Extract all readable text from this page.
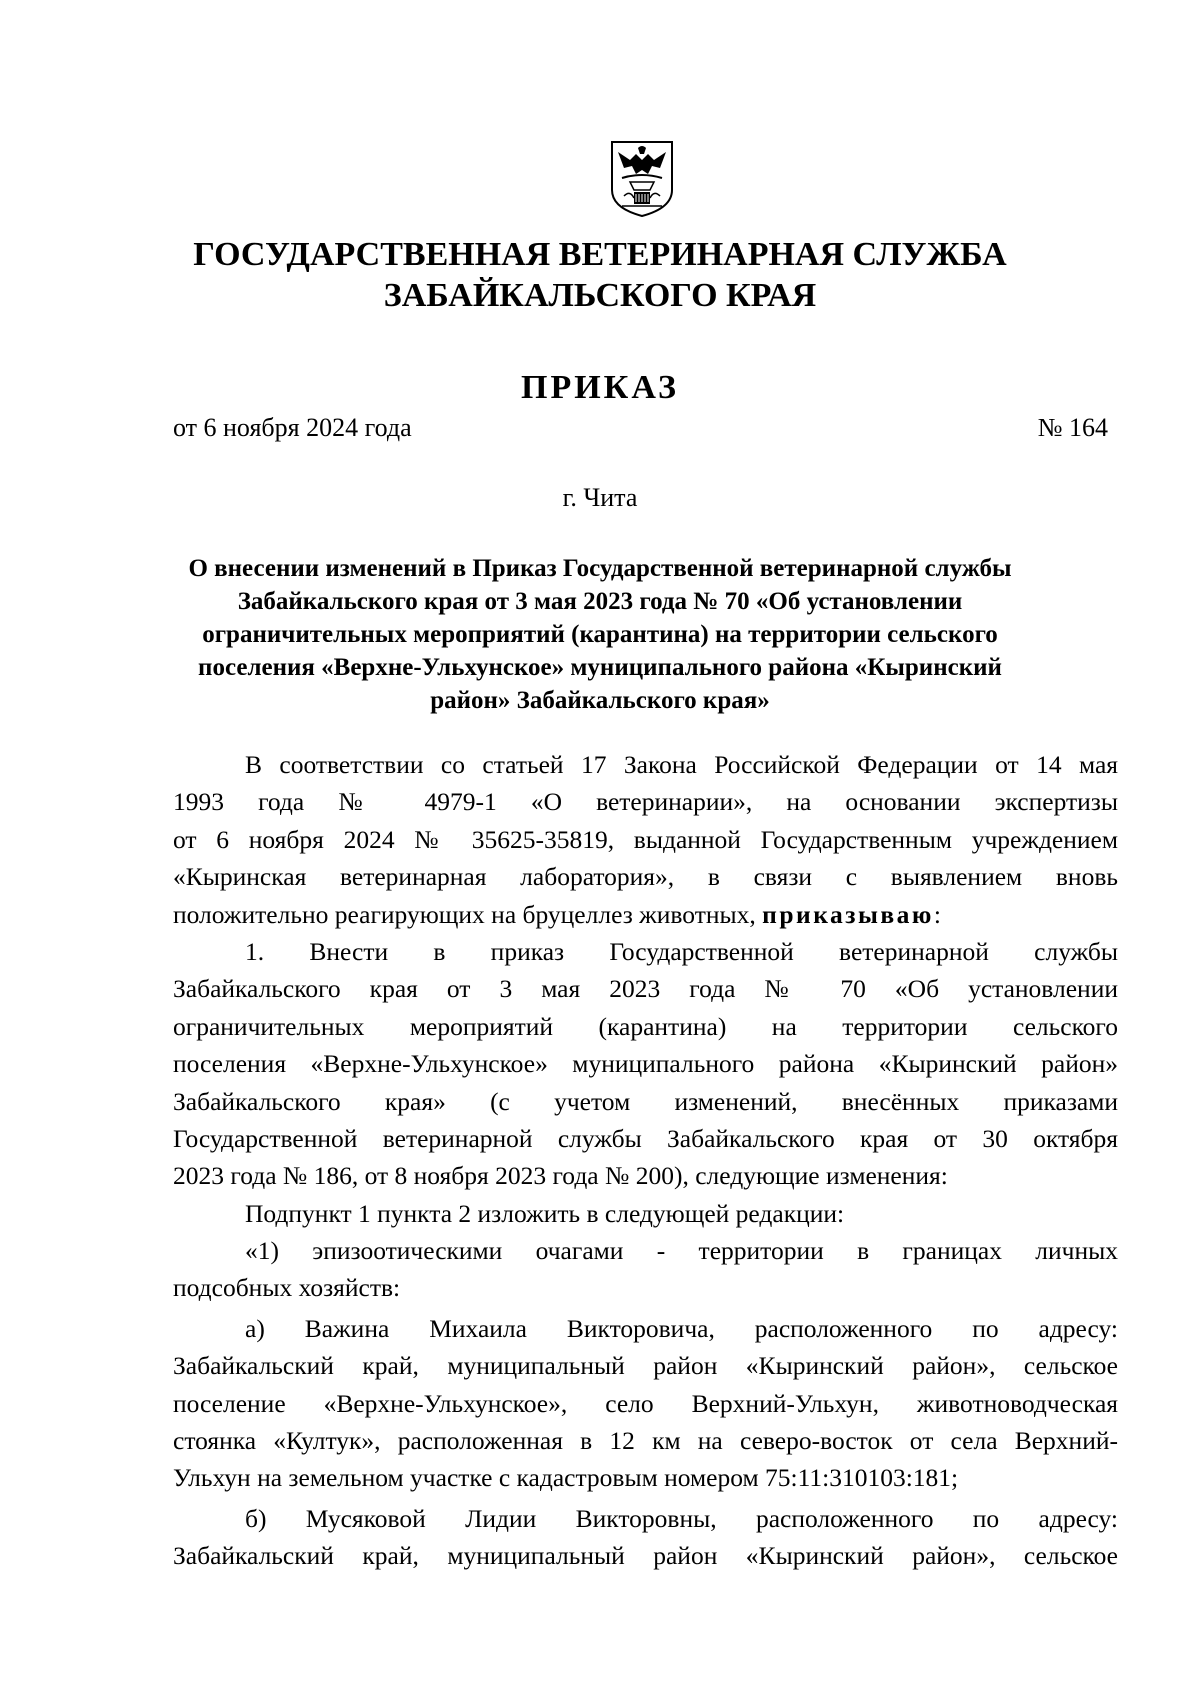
ГОСУДАРСТВЕННАЯ ВЕТЕРИНАРНАЯ СЛУЖБА
ЗАБАЙКАЛЬСКОГО КРАЯ
ПРИКАЗ
от 6 ноября 2024 года	№ 164
г. Чита
О внесении изменений в Приказ Государственной ветеринарной службы
Забайкальского края от 3 мая 2023 года № 70 «Об установлении
ограничительных мероприятий (карантина) на территории сельского
поселения «Верхне-Ульхунское» муниципального района «Кыринский
район» Забайкальского края»
В соответствии со статьей 17 Закона Российской Федерации от 14 мая
1993 года № 4979-1 «О ветеринарии», на основании экспертизы
от 6 ноября 2024 № 35625-35819, выданной Государственным учреждением
«Кыринская ветеринарная лаборатория», в связи с выявлением вновь
положительно реагирующих на бруцеллез животных, приказываю:
1. Внести в приказ Государственной ветеринарной службы
Забайкальского края от 3 мая 2023 года № 70 «Об установлении
ограничительных мероприятий (карантина) на территории сельского
поселения «Верхне-Ульхунское» муниципального района «Кыринский район»
Забайкальского края» (с учетом изменений, внесённых приказами
Государственной ветеринарной службы Забайкальского края от 30 октября
2023 года № 186, от 8 ноября 2023 года № 200), следующие изменения:
Подпункт 1 пункта 2 изложить в следующей редакции:
«1) эпизоотическими очагами - территории в границах личных
подсобных хозяйств:
а) Важина Михаила Викторовича, расположенного по адресу:
Забайкальский край, муниципальный район «Кыринский район», сельское
поселение «Верхне-Ульхунское», село Верхний-Ульхун, животноводческая
стоянка «Култук», расположенная в 12 км на северо-восток от села Верхний-
Ульхун на земельном участке с кадастровым номером 75:11:310103:181;
б) Мусяковой Лидии Викторовны, расположенного по адресу:
Забайкальский край, муниципальный район «Кыринский район», сельское
